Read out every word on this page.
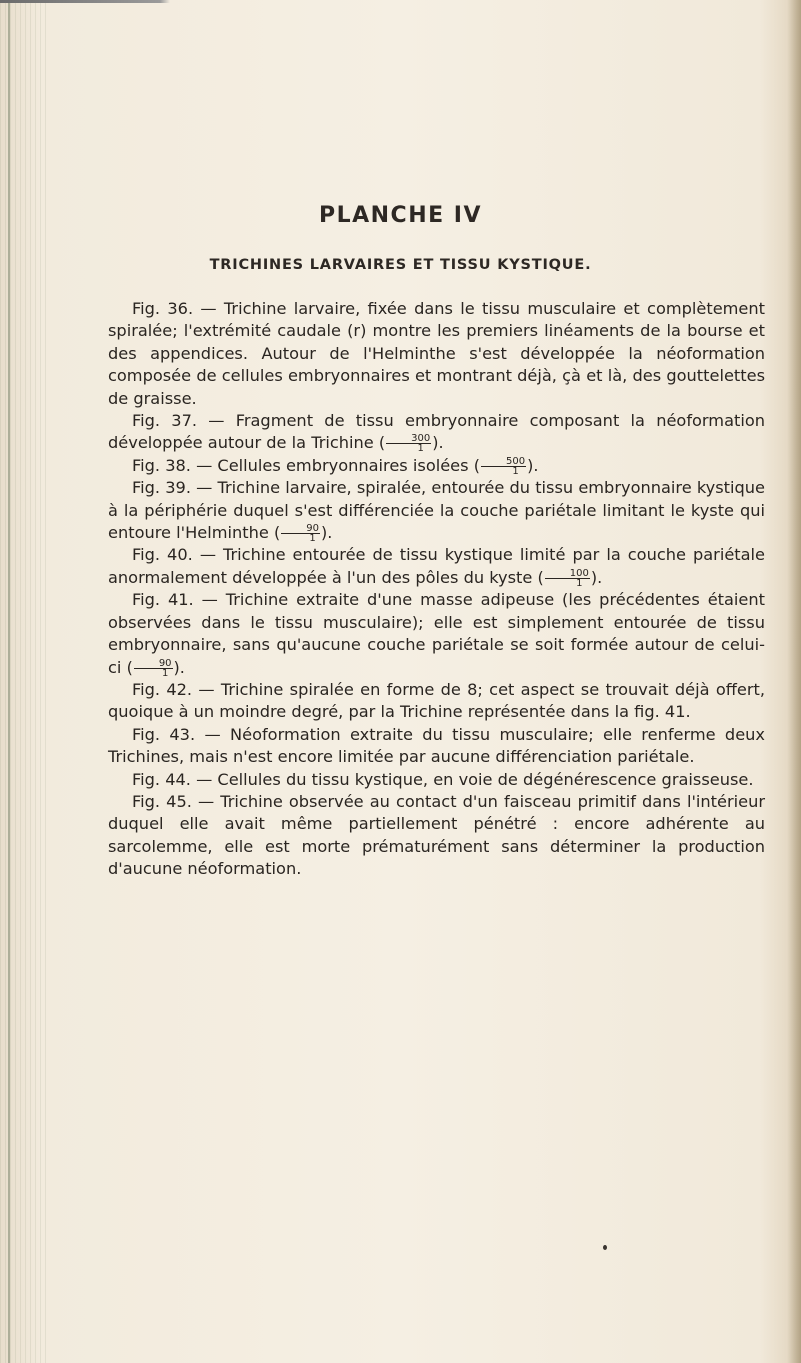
PLANCHE IV
TRICHINES LARVAIRES ET TISSU KYSTIQUE.

Fig. 36. — Trichine larvaire, fixée dans le tissu musculaire et complètement spiralée; l'extrémité caudale (r) montre les premiers linéaments de la bourse et des appendices. Autour de l'Helminthe s'est développée la néoformation composée de cellules embryonnaires et montrant déjà, çà et là, des gouttelettes de graisse.

Fig. 37. — Fragment de tissu embryonnaire composant la néoformation développée autour de la Trichine ( $\frac{300}{1}$ ).

Fig. 38. — Cellules embryonnaires isolées ( $\frac{500}{1}$ ).

Fig. 39. — Trichine larvaire, spiralée, entourée du tissu embryonnaire kystique à la périphérie duquel s'est différenciée la couche pariétale limitant le kyste qui entoure l'Helminthe ( $\frac{90}{1}$ ).

Fig. 40. — Trichine entourée de tissu kystique limité par la couche pariétale anormalement développée à l'un des pôles du kyste ( $\frac{100}{1}$ ).

Fig. 41. — Trichine extraite d'une masse adipeuse (les précédentes étaient observées dans le tissu musculaire); elle est simplement entourée de tissu embryonnaire, sans qu'aucune couche pariétale se soit formée autour de celui-ci ( $\frac{90}{1}$ ).

Fig. 42. — Trichine spiralée en forme de 8; cet aspect se trouvait déjà offert, quoique à un moindre degré, par la Trichine représentée dans la fig. 41.

Fig. 43. — Néoformation extraite du tissu musculaire; elle renferme deux Trichines, mais n'est encore limitée par aucune différenciation pariétale.

Fig. 44. — Cellules du tissu kystique, en voie de dégénérescence graisseuse.

Fig. 45. — Trichine observée au contact d'un faisceau primitif dans l'intérieur duquel elle avait même partiellement pénétré : encore adhérente au sarcolemme, elle est morte prématurément sans déterminer la production d'aucune néoformation.
